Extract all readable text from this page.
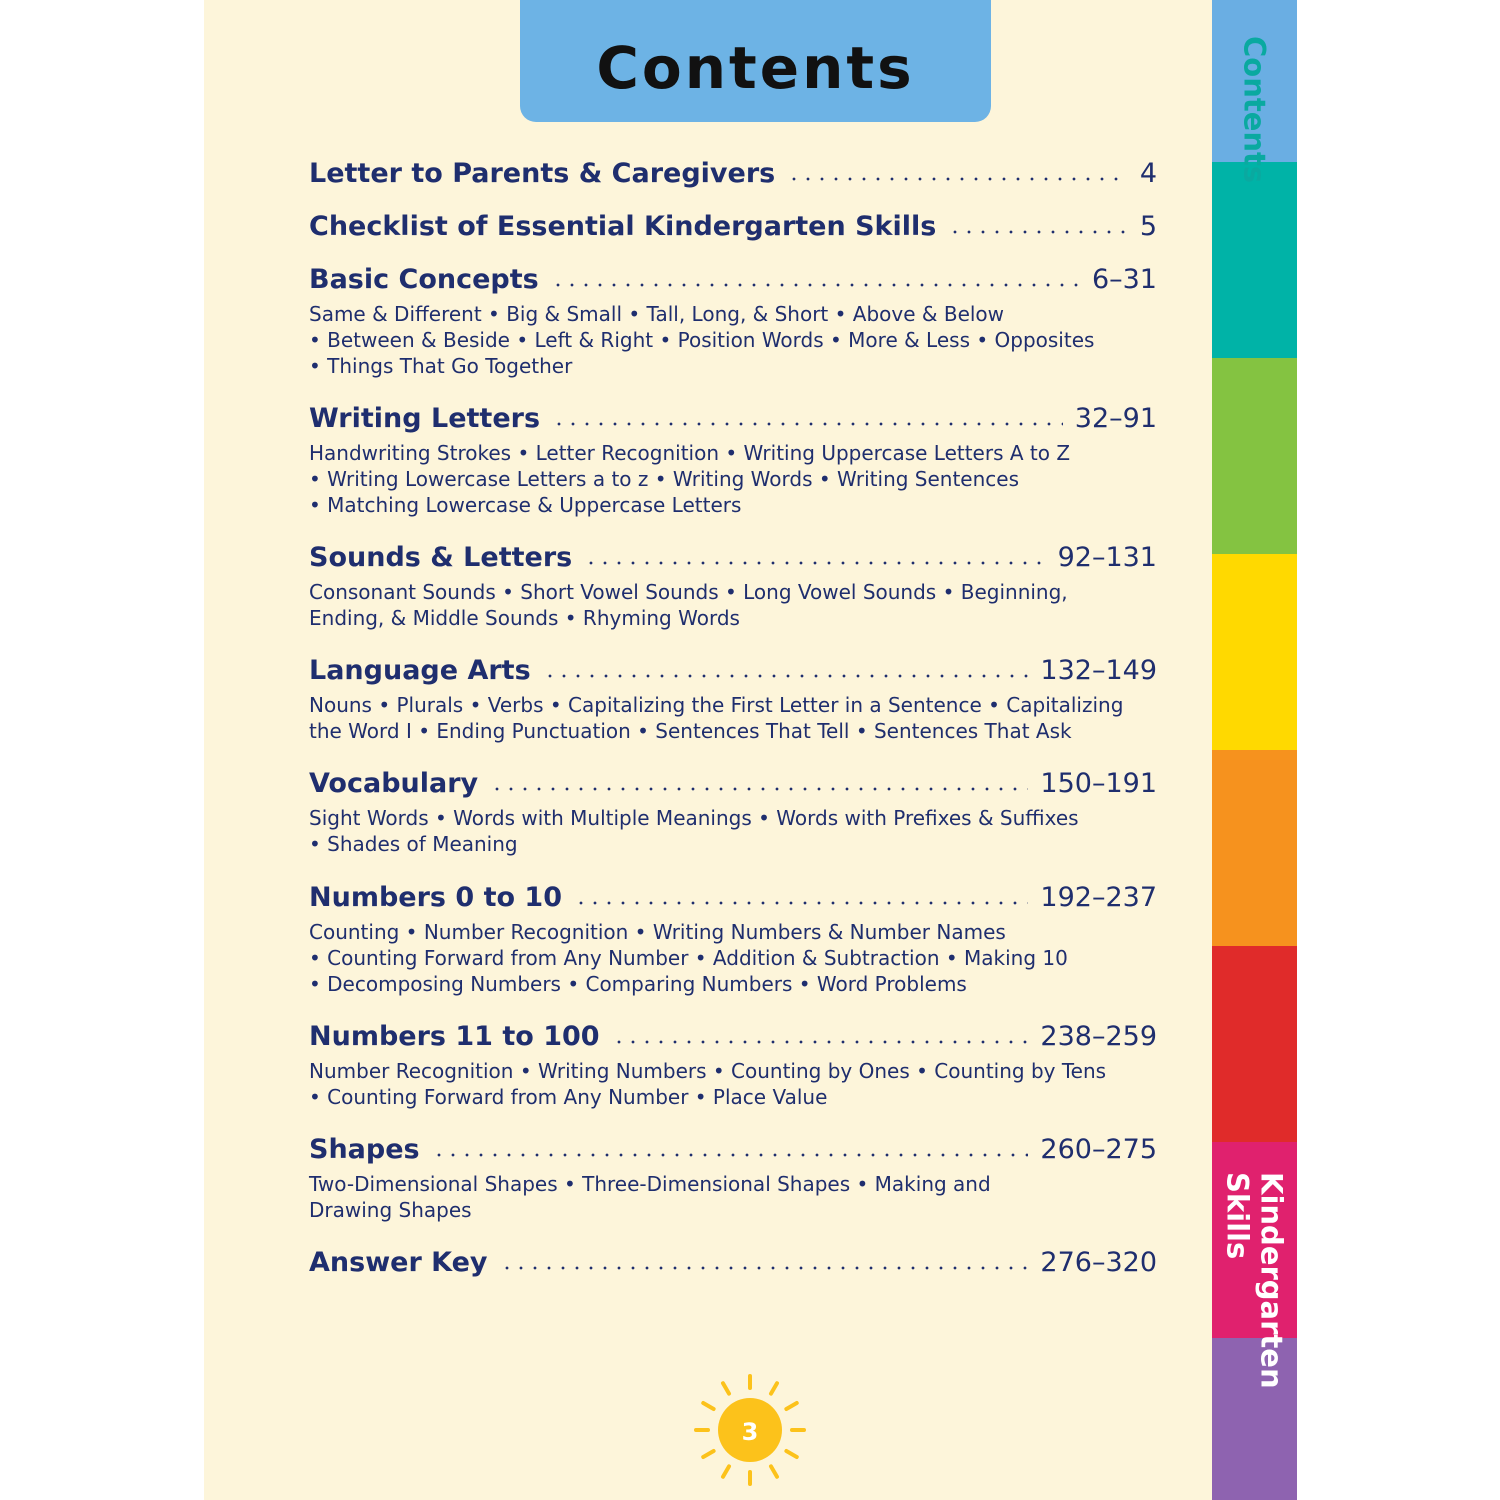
Contents
Letter to Parents & Caregivers	4
Checklist of Essential Kindergarten Skills	5
Basic Concepts	6–31
Same & Different • Big & Small • Tall, Long, & Short • Above & Below
• Between & Beside • Left & Right • Position Words • More & Less • Opposites
• Things That Go Together
Writing Letters	32–91
Handwriting Strokes • Letter Recognition • Writing Uppercase Letters A to Z
• Writing Lowercase Letters a to z • Writing Words • Writing Sentences
• Matching Lowercase & Uppercase Letters
Sounds & Letters	92–131
Consonant Sounds • Short Vowel Sounds • Long Vowel Sounds • Beginning,
Ending, & Middle Sounds • Rhyming Words
Language Arts	132–149
Nouns • Plurals • Verbs • Capitalizing the First Letter in a Sentence • Capitalizing
the Word I • Ending Punctuation • Sentences That Tell • Sentences That Ask
Vocabulary	150–191
Sight Words • Words with Multiple Meanings • Words with Prefixes & Suffixes
• Shades of Meaning
Numbers 0 to 10	192–237
Counting • Number Recognition • Writing Numbers & Number Names
• Counting Forward from Any Number • Addition & Subtraction • Making 10
• Decomposing Numbers • Comparing Numbers • Word Problems
Numbers 11 to 100	238–259
Number Recognition • Writing Numbers • Counting by Ones • Counting by Tens
• Counting Forward from Any Number • Place Value
Shapes	260–275
Two-Dimensional Shapes • Three-Dimensional Shapes • Making and
Drawing Shapes
Answer Key	276–320
Contents
Kindergarten Skills
3
